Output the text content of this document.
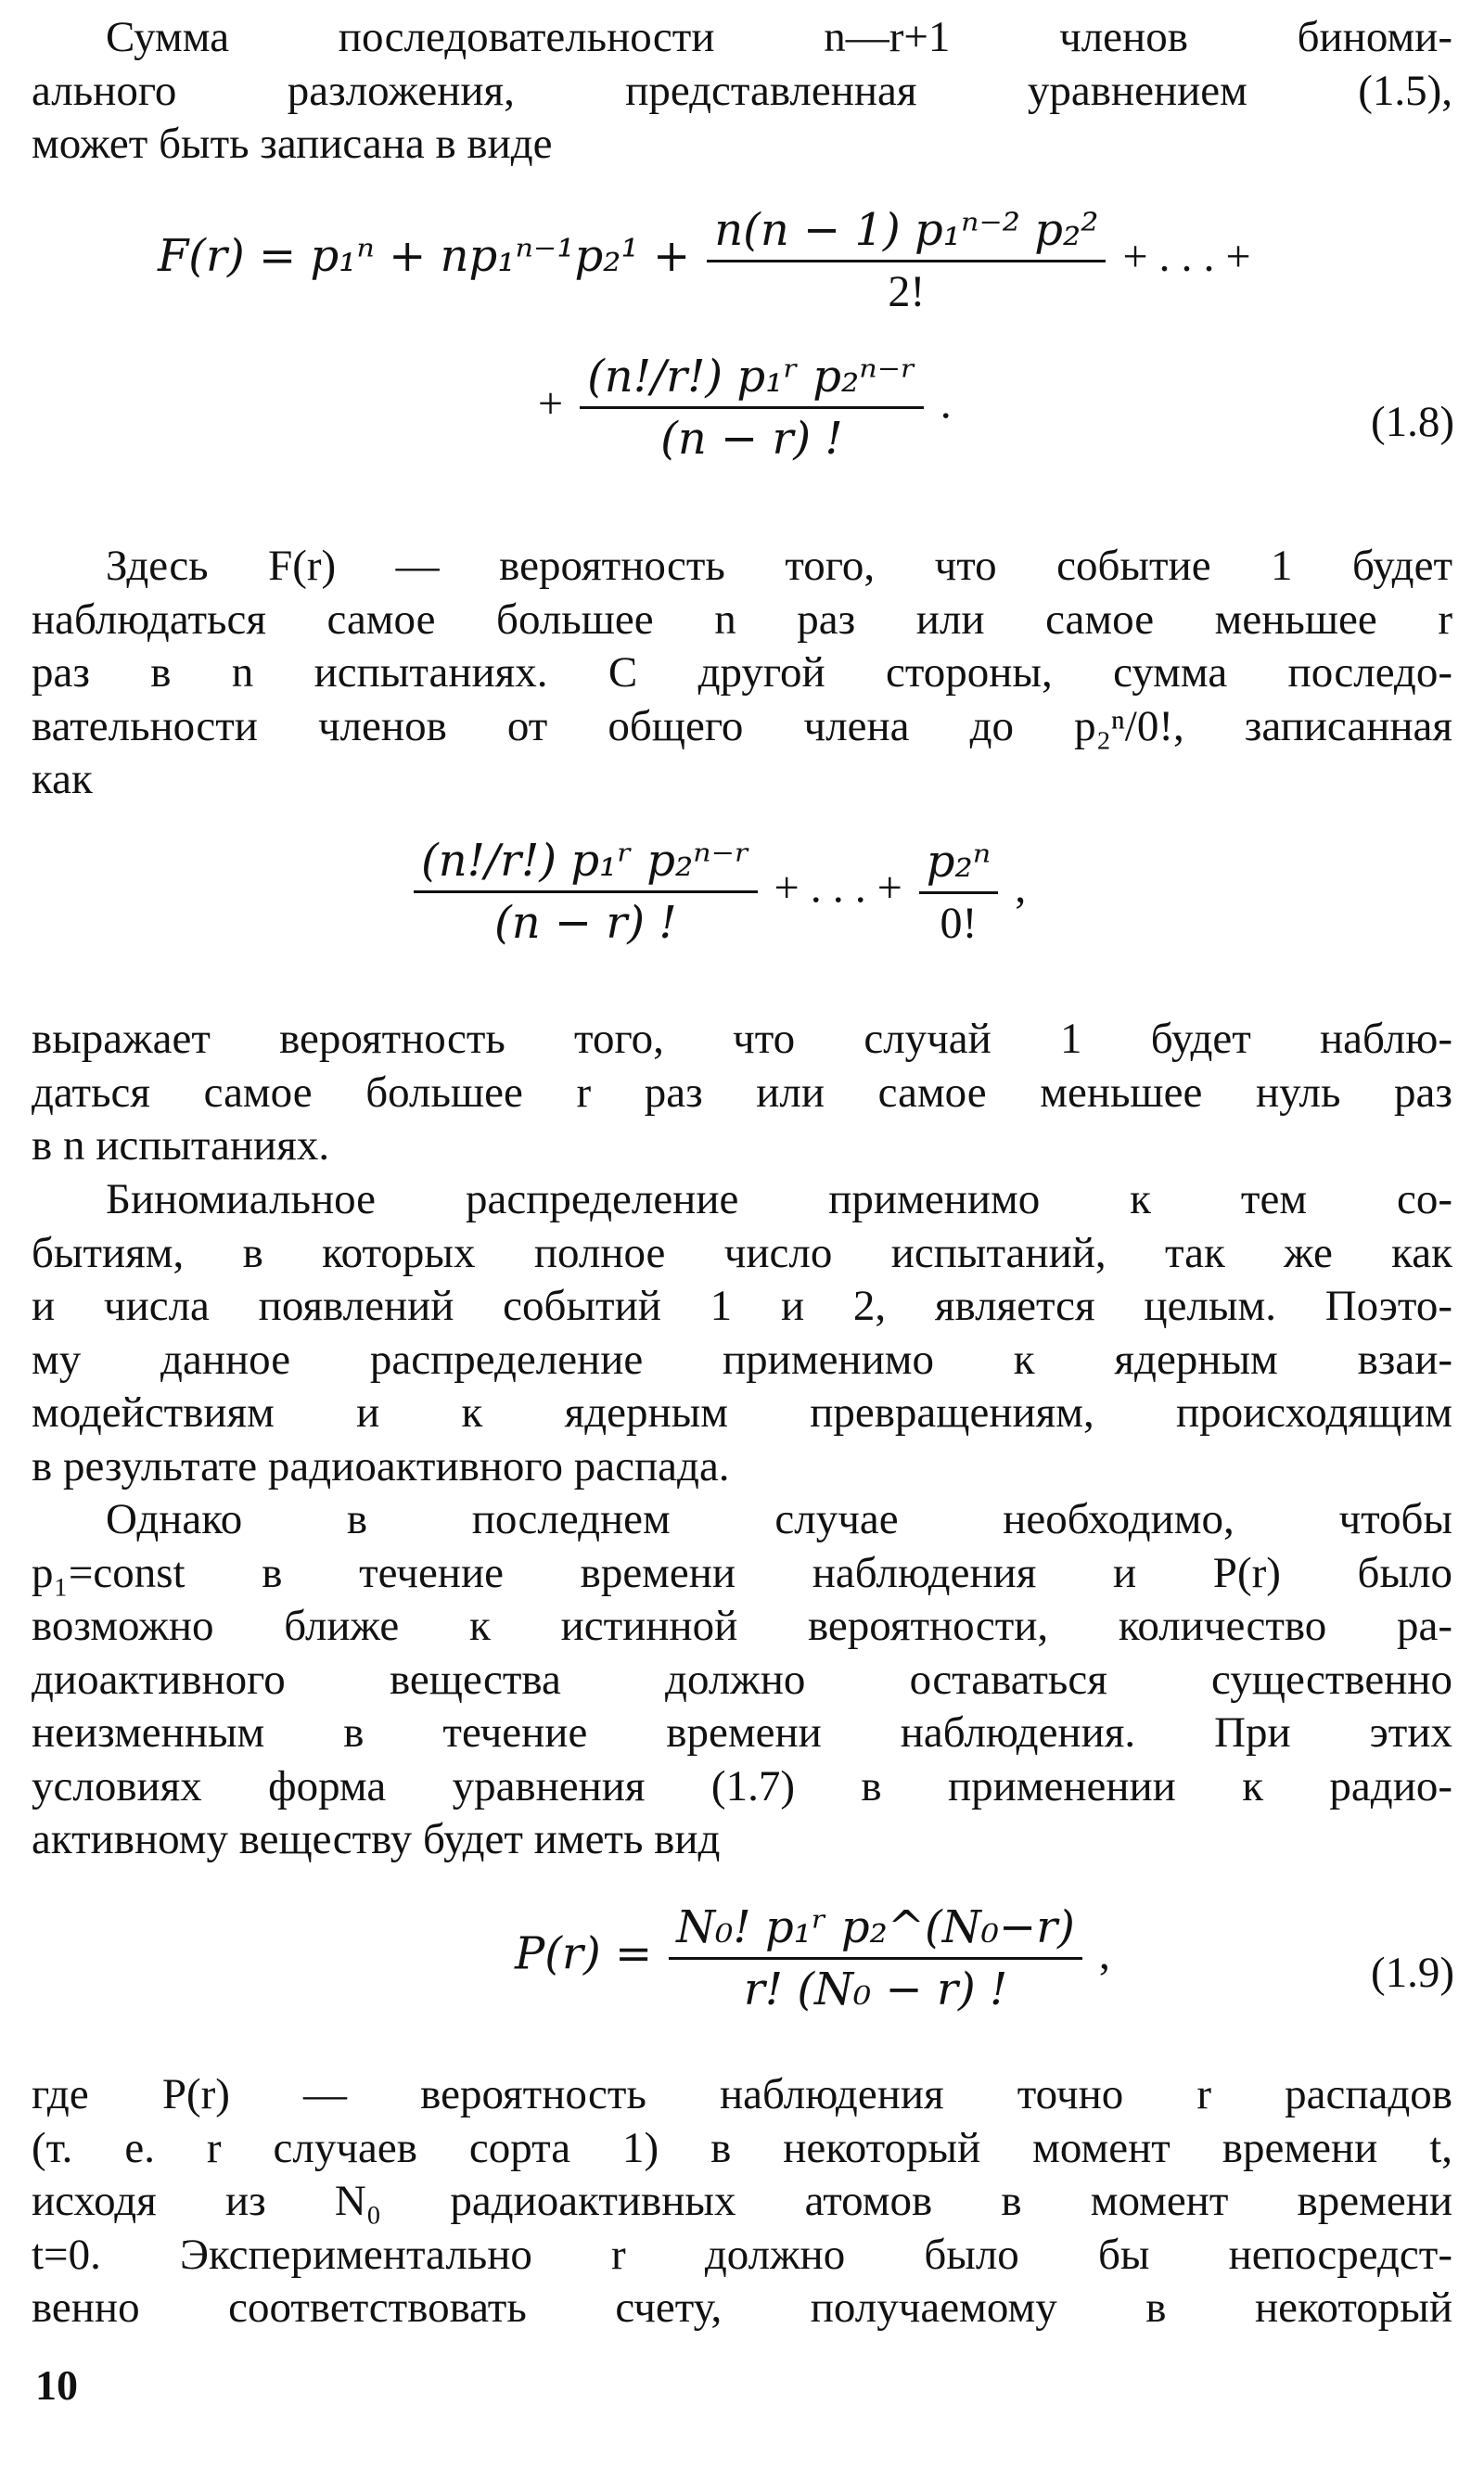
Сумма последовательности n—r+1 членов биноми-
ального разложения, представленная уравнением (1.5),
может быть записана в виде
$F(r) = p_1^n + np_1^{n-1}p_2^1 + \frac{\text{n(n − 1) p₁ⁿ⁻² p₂²}}{2!}$ + . . . +
+ $\frac{\text{(n!/r!) p₁ʳ p₂ⁿ⁻ʳ}}{(n - r) !}$ .	(1.8)
Здесь F(r) — вероятность того, что событие 1 будет
наблюдаться самое большее n раз или самое меньшее r
раз в n испытаниях. С другой стороны, сумма последо-
вательности членов от общего члена до p₂ⁿ/0!, записанная
как
$\frac{\text{(n!/r!) p₁ʳ p₂ⁿ⁻ʳ}}{(n - r) !}$ + . . . + $\frac{\text{p₂ⁿ}}{0!}$ ,
выражает вероятность того, что случай 1 будет наблю-
даться самое большее r раз или самое меньшее нуль раз
в n испытаниях.
Биномиальное распределение применимо к тем со-
бытиям, в которых полное число испытаний, так же как
и числа появлений событий 1 и 2, является целым. Поэто-
му данное распределение применимо к ядерным взаи-
модействиям и к ядерным превращениям, происходящим
в результате радиоактивного распада.
Однако в последнем случае необходимо, чтобы
p₁=const в течение времени наблюдения и P(r) было
возможно ближе к истинной вероятности, количество ра-
диоактивного вещества должно оставаться существенно
неизменным в течение времени наблюдения. При этих
условиях форма уравнения (1.7) в применении к радио-
активному веществу будет иметь вид
$P(r) = \frac{\text{N₀! p₁ʳ p₂\textasciicircum{}(N₀−r)}}{\text{r! (N₀ − r) !}}$ ,	(1.9)
где P(r) — вероятность наблюдения точно r распадов
(т. е. r случаев сорта 1) в некоторый момент времени t,
исходя из N₀ радиоактивных атомов в момент времени
t=0. Экспериментально r должно было бы непосредст-
венно соответствовать счету, получаемому в некоторый
10
